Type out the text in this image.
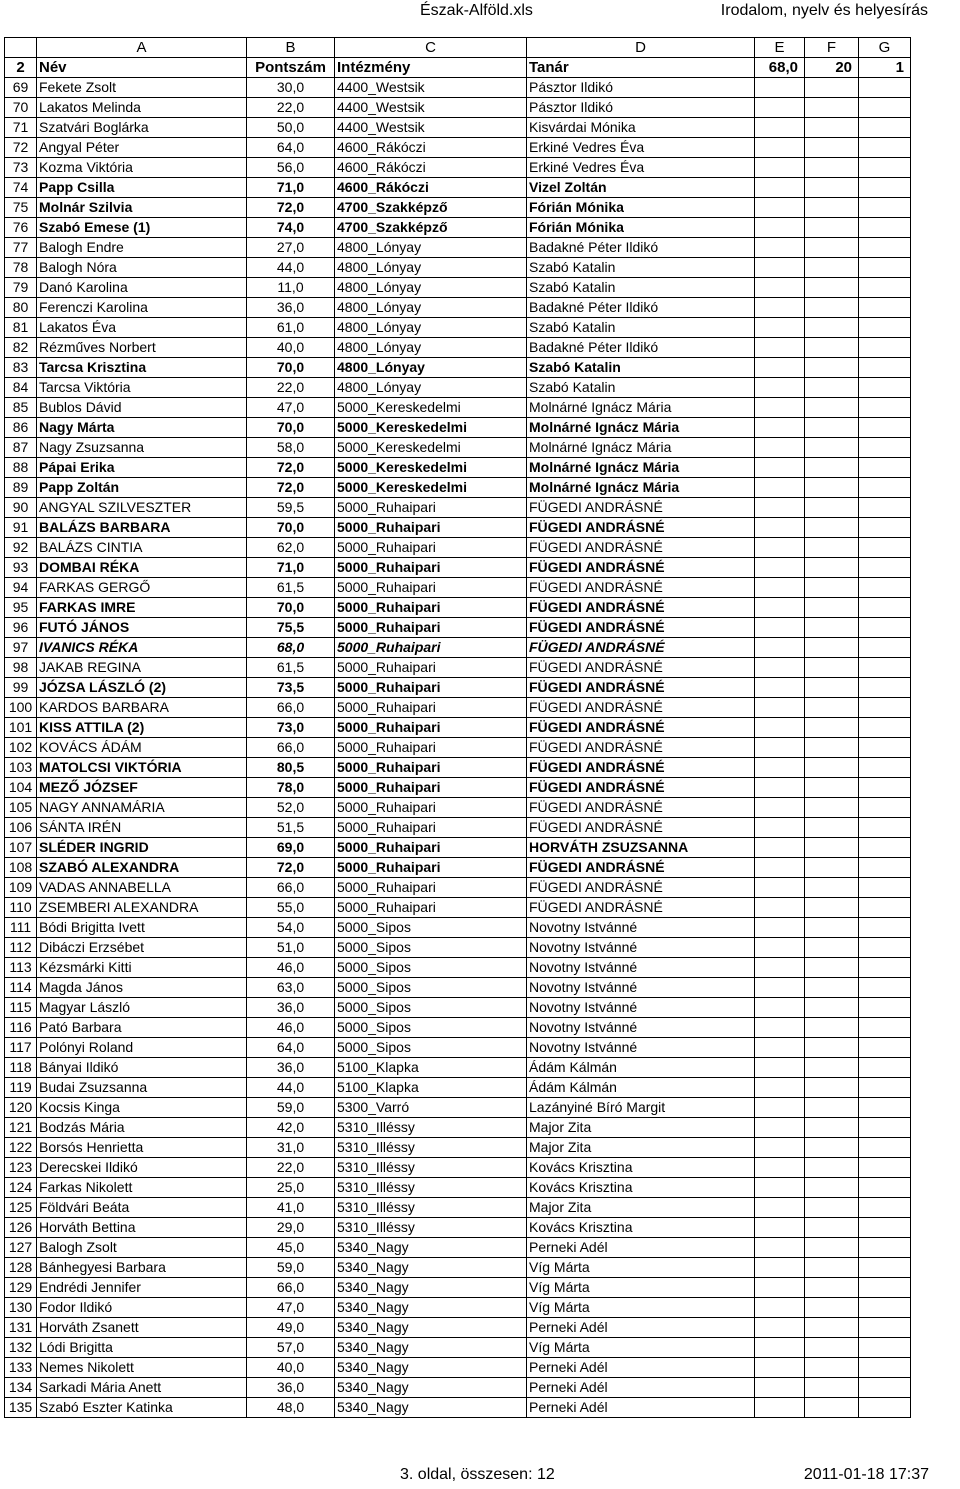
Észak-Alföld.xls	Irodalom, nyelv és helyesírás
	A	B	C	D	E	F	G
2	Név	Pontszám	Intézmény	Tanár	68,0	20	1
69	Fekete Zsolt	30,0	4400_Westsik	Pásztor Ildikó			
70	Lakatos Melinda	22,0	4400_Westsik	Pásztor Ildikó			
71	Szatvári Boglárka	50,0	4400_Westsik	Kisvárdai Mónika			
72	Angyal Péter	64,0	4600_Rákóczi	Erkiné Vedres Éva			
73	Kozma Viktória	56,0	4600_Rákóczi	Erkiné Vedres Éva			
74	Papp Csilla	71,0	4600_Rákóczi	Vizel Zoltán			
75	Molnár Szilvia	72,0	4700_Szakképző	Fórián Mónika			
76	Szabó Emese (1)	74,0	4700_Szakképző	Fórián Mónika			
77	Balogh Endre	27,0	4800_Lónyay	Badakné Péter Ildikó			
78	Balogh Nóra	44,0	4800_Lónyay	Szabó Katalin			
79	Danó Karolina	11,0	4800_Lónyay	Szabó Katalin			
80	Ferenczi Karolina	36,0	4800_Lónyay	Badakné Péter Ildikó			
81	Lakatos Éva	61,0	4800_Lónyay	Szabó Katalin			
82	Rézműves Norbert	40,0	4800_Lónyay	Badakné Péter Ildikó			
83	Tarcsa Krisztina	70,0	4800_Lónyay	Szabó Katalin			
84	Tarcsa Viktória	22,0	4800_Lónyay	Szabó Katalin			
85	Bublos Dávid	47,0	5000_Kereskedelmi	Molnárné Ignácz Mária			
86	Nagy Márta	70,0	5000_Kereskedelmi	Molnárné Ignácz Mária			
87	Nagy Zsuzsanna	58,0	5000_Kereskedelmi	Molnárné Ignácz Mária			
88	Pápai Erika	72,0	5000_Kereskedelmi	Molnárné Ignácz Mária			
89	Papp Zoltán	72,0	5000_Kereskedelmi	Molnárné Ignácz Mária			
90	ANGYAL SZILVESZTER	59,5	5000_Ruhaipari	FÜGEDI ANDRÁSNÉ			
91	BALÁZS BARBARA	70,0	5000_Ruhaipari	FÜGEDI ANDRÁSNÉ			
92	BALÁZS CINTIA	62,0	5000_Ruhaipari	FÜGEDI ANDRÁSNÉ			
93	DOMBAI RÉKA	71,0	5000_Ruhaipari	FÜGEDI ANDRÁSNÉ			
94	FARKAS GERGŐ	61,5	5000_Ruhaipari	FÜGEDI ANDRÁSNÉ			
95	FARKAS IMRE	70,0	5000_Ruhaipari	FÜGEDI ANDRÁSNÉ			
96	FUTÓ JÁNOS	75,5	5000_Ruhaipari	FÜGEDI ANDRÁSNÉ			
97	IVANICS RÉKA	68,0	5000_Ruhaipari	FÜGEDI ANDRÁSNÉ			
98	JAKAB REGINA	61,5	5000_Ruhaipari	FÜGEDI ANDRÁSNÉ			
99	JÓZSA LÁSZLÓ (2)	73,5	5000_Ruhaipari	FÜGEDI ANDRÁSNÉ			
100	KARDOS BARBARA	66,0	5000_Ruhaipari	FÜGEDI ANDRÁSNÉ			
101	KISS ATTILA (2)	73,0	5000_Ruhaipari	FÜGEDI ANDRÁSNÉ			
102	KOVÁCS ÁDÁM	66,0	5000_Ruhaipari	FÜGEDI ANDRÁSNÉ			
103	MATOLCSI VIKTÓRIA	80,5	5000_Ruhaipari	FÜGEDI ANDRÁSNÉ			
104	MEZŐ JÓZSEF	78,0	5000_Ruhaipari	FÜGEDI ANDRÁSNÉ			
105	NAGY ANNAMÁRIA	52,0	5000_Ruhaipari	FÜGEDI ANDRÁSNÉ			
106	SÁNTA IRÉN	51,5	5000_Ruhaipari	FÜGEDI ANDRÁSNÉ			
107	SLÉDER INGRID	69,0	5000_Ruhaipari	HORVÁTH ZSUZSANNA			
108	SZABÓ ALEXANDRA	72,0	5000_Ruhaipari	FÜGEDI ANDRÁSNÉ			
109	VADAS ANNABELLA	66,0	5000_Ruhaipari	FÜGEDI ANDRÁSNÉ			
110	ZSEMBERI ALEXANDRA	55,0	5000_Ruhaipari	FÜGEDI ANDRÁSNÉ			
111	Bódi Brigitta Ivett	54,0	5000_Sipos	Novotny Istvánné			
112	Dibáczi Erzsébet	51,0	5000_Sipos	Novotny Istvánné			
113	Kézsmárki Kitti	46,0	5000_Sipos	Novotny Istvánné			
114	Magda János	63,0	5000_Sipos	Novotny Istvánné			
115	Magyar László	36,0	5000_Sipos	Novotny Istvánné			
116	Pató Barbara	46,0	5000_Sipos	Novotny Istvánné			
117	Polónyi Roland	64,0	5000_Sipos	Novotny Istvánné			
118	Bányai Ildikó	36,0	5100_Klapka	Ádám Kálmán			
119	Budai Zsuzsanna	44,0	5100_Klapka	Ádám Kálmán			
120	Kocsis Kinga	59,0	5300_Varró	Lazányiné Bíró Margit			
121	Bodzás Mária	42,0	5310_Illéssy	Major Zita			
122	Borsós Henrietta	31,0	5310_Illéssy	Major Zita			
123	Derecskei Ildikó	22,0	5310_Illéssy	Kovács Krisztina			
124	Farkas Nikolett	25,0	5310_Illéssy	Kovács Krisztina			
125	Földvári Beáta	41,0	5310_Illéssy	Major Zita			
126	Horváth Bettina	29,0	5310_Illéssy	Kovács Krisztina			
127	Balogh Zsolt	45,0	5340_Nagy	Perneki Adél			
128	Bánhegyesi Barbara	59,0	5340_Nagy	Víg Márta			
129	Endrédi Jennifer	66,0	5340_Nagy	Víg Márta			
130	Fodor Ildikó	47,0	5340_Nagy	Víg Márta			
131	Horváth Zsanett	49,0	5340_Nagy	Perneki Adél			
132	Lódi Brigitta	57,0	5340_Nagy	Víg Márta			
133	Nemes Nikolett	40,0	5340_Nagy	Perneki Adél			
134	Sarkadi Mária Anett	36,0	5340_Nagy	Perneki Adél			
135	Szabó Eszter Katinka	48,0	5340_Nagy	Perneki Adél			
3. oldal, összesen: 12	2011-01-18 17:37
